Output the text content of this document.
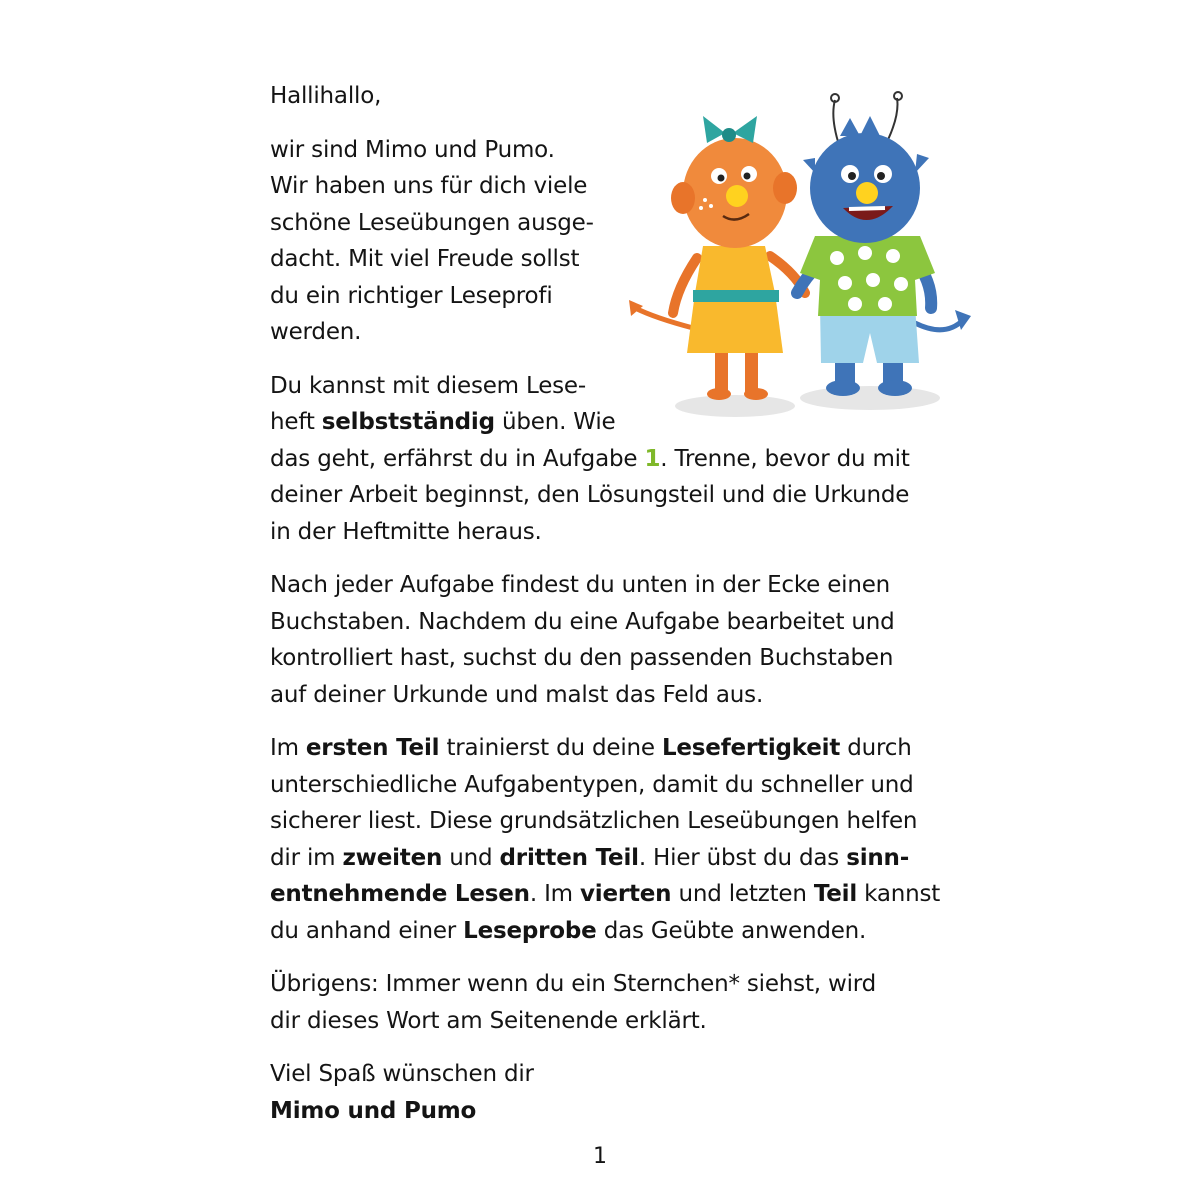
Hallihallo,

wir sind Mimo und Pumo.
Wir haben uns für dich viele
schöne Leseübungen ausge-
dacht. Mit viel Freude sollst
du ein richtiger Leseprofi
werden.

Du kannst mit diesem Lese-
heft selbstständig üben. Wie
das geht, erfährst du in Aufgabe 1. Trenne, bevor du mit
deiner Arbeit beginnst, den Lösungsteil und die Urkunde
in der Heftmitte heraus.

Nach jeder Aufgabe findest du unten in der Ecke einen
Buchstaben. Nachdem du eine Aufgabe bearbeitet und
kontrolliert hast, suchst du den passenden Buchstaben
auf deiner Urkunde und malst das Feld aus.

Im ersten Teil trainierst du deine Lesefertigkeit durch
unterschiedliche Aufgabentypen, damit du schneller und
sicherer liest. Diese grundsätzlichen Leseübungen helfen
dir im zweiten und dritten Teil. Hier übst du das sinn-
entnehmende Lesen. Im vierten und letzten Teil kannst
du anhand einer Leseprobe das Geübte anwenden.

Übrigens: Immer wenn du ein Sternchen* siehst, wird
dir dieses Wort am Seitenende erklärt.

Viel Spaß wünschen dir
Mimo und Pumo

1
